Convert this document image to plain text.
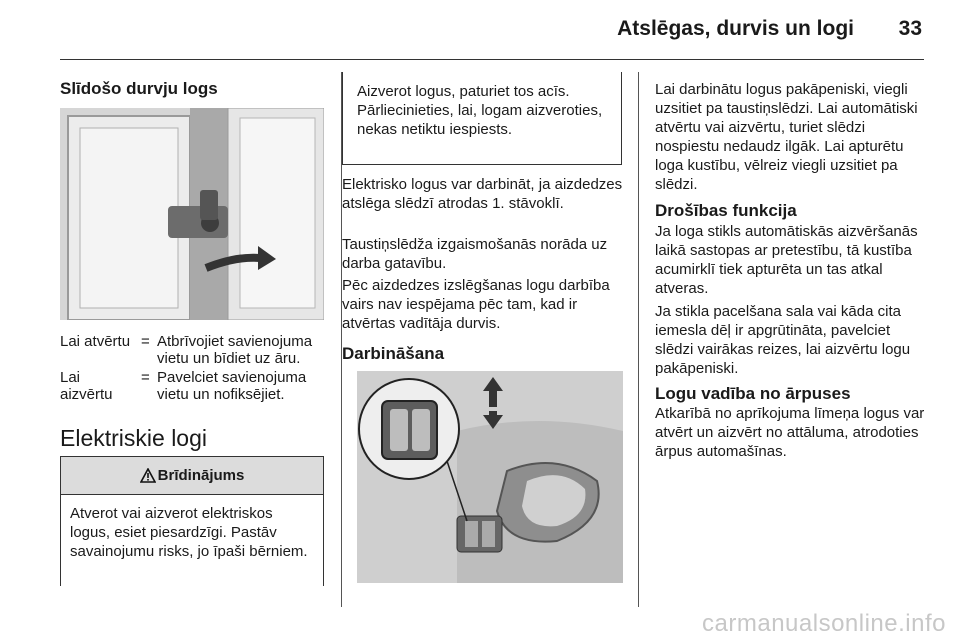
Atslēgas, durvis un logi 33
Slīdošo durvju logs
Lai atvērtu = Atbrīvojiet savienojuma vietu un bīdiet uz āru.
Lai aizvērtu
= Pavelciet savienojuma vietu un nofiksējiet.
Elektriskie logi
Brīdinājums
Atverot vai aizverot elektriskos logus, esiet piesardzīgi. Pastāv savainojumu risks, jo īpaši bērniem.
Aizverot logus, paturiet tos acīs. Pārliecinieties, lai, logam aizveroties, nekas netiktu iespiests.
Elektrisko logus var darbināt, ja aizdedzes atslēga slēdzī atrodas 1. stāvoklī.
Taustiņslēdža izgaismošanās norāda uz darba gatavību.
Pēc aizdedzes izslēgšanas logu darbība vairs nav iespējama pēc tam, kad ir atvērtas vadītāja durvis.
Darbināšana
Lai darbinātu logus pakāpeniski, viegli uzsitiet pa taustiņslēdzi. Lai automātiski atvērtu vai aizvērtu, turiet slēdzi nospiestu nedaudz ilgāk. Lai apturētu loga kustību, vēlreiz viegli uzsitiet pa slēdzi.
Drošības funkcija
Ja loga stikls automātiskās aizvēršanās laikā sastopas ar pretestību, tā kustība acumirklī tiek apturēta un tas atkal atveras.
Ja stikla pacelšana sala vai kāda cita iemesla dēļ ir apgrūtināta, pavelciet slēdzi vairākas reizes, lai aizvērtu logu pakāpeniski.
Logu vadība no ārpuses
Atkarībā no aprīkojuma līmeņa logus var atvērt un aizvērt no attāluma, atrodoties ārpus automašīnas.
carmanualsonline.info
